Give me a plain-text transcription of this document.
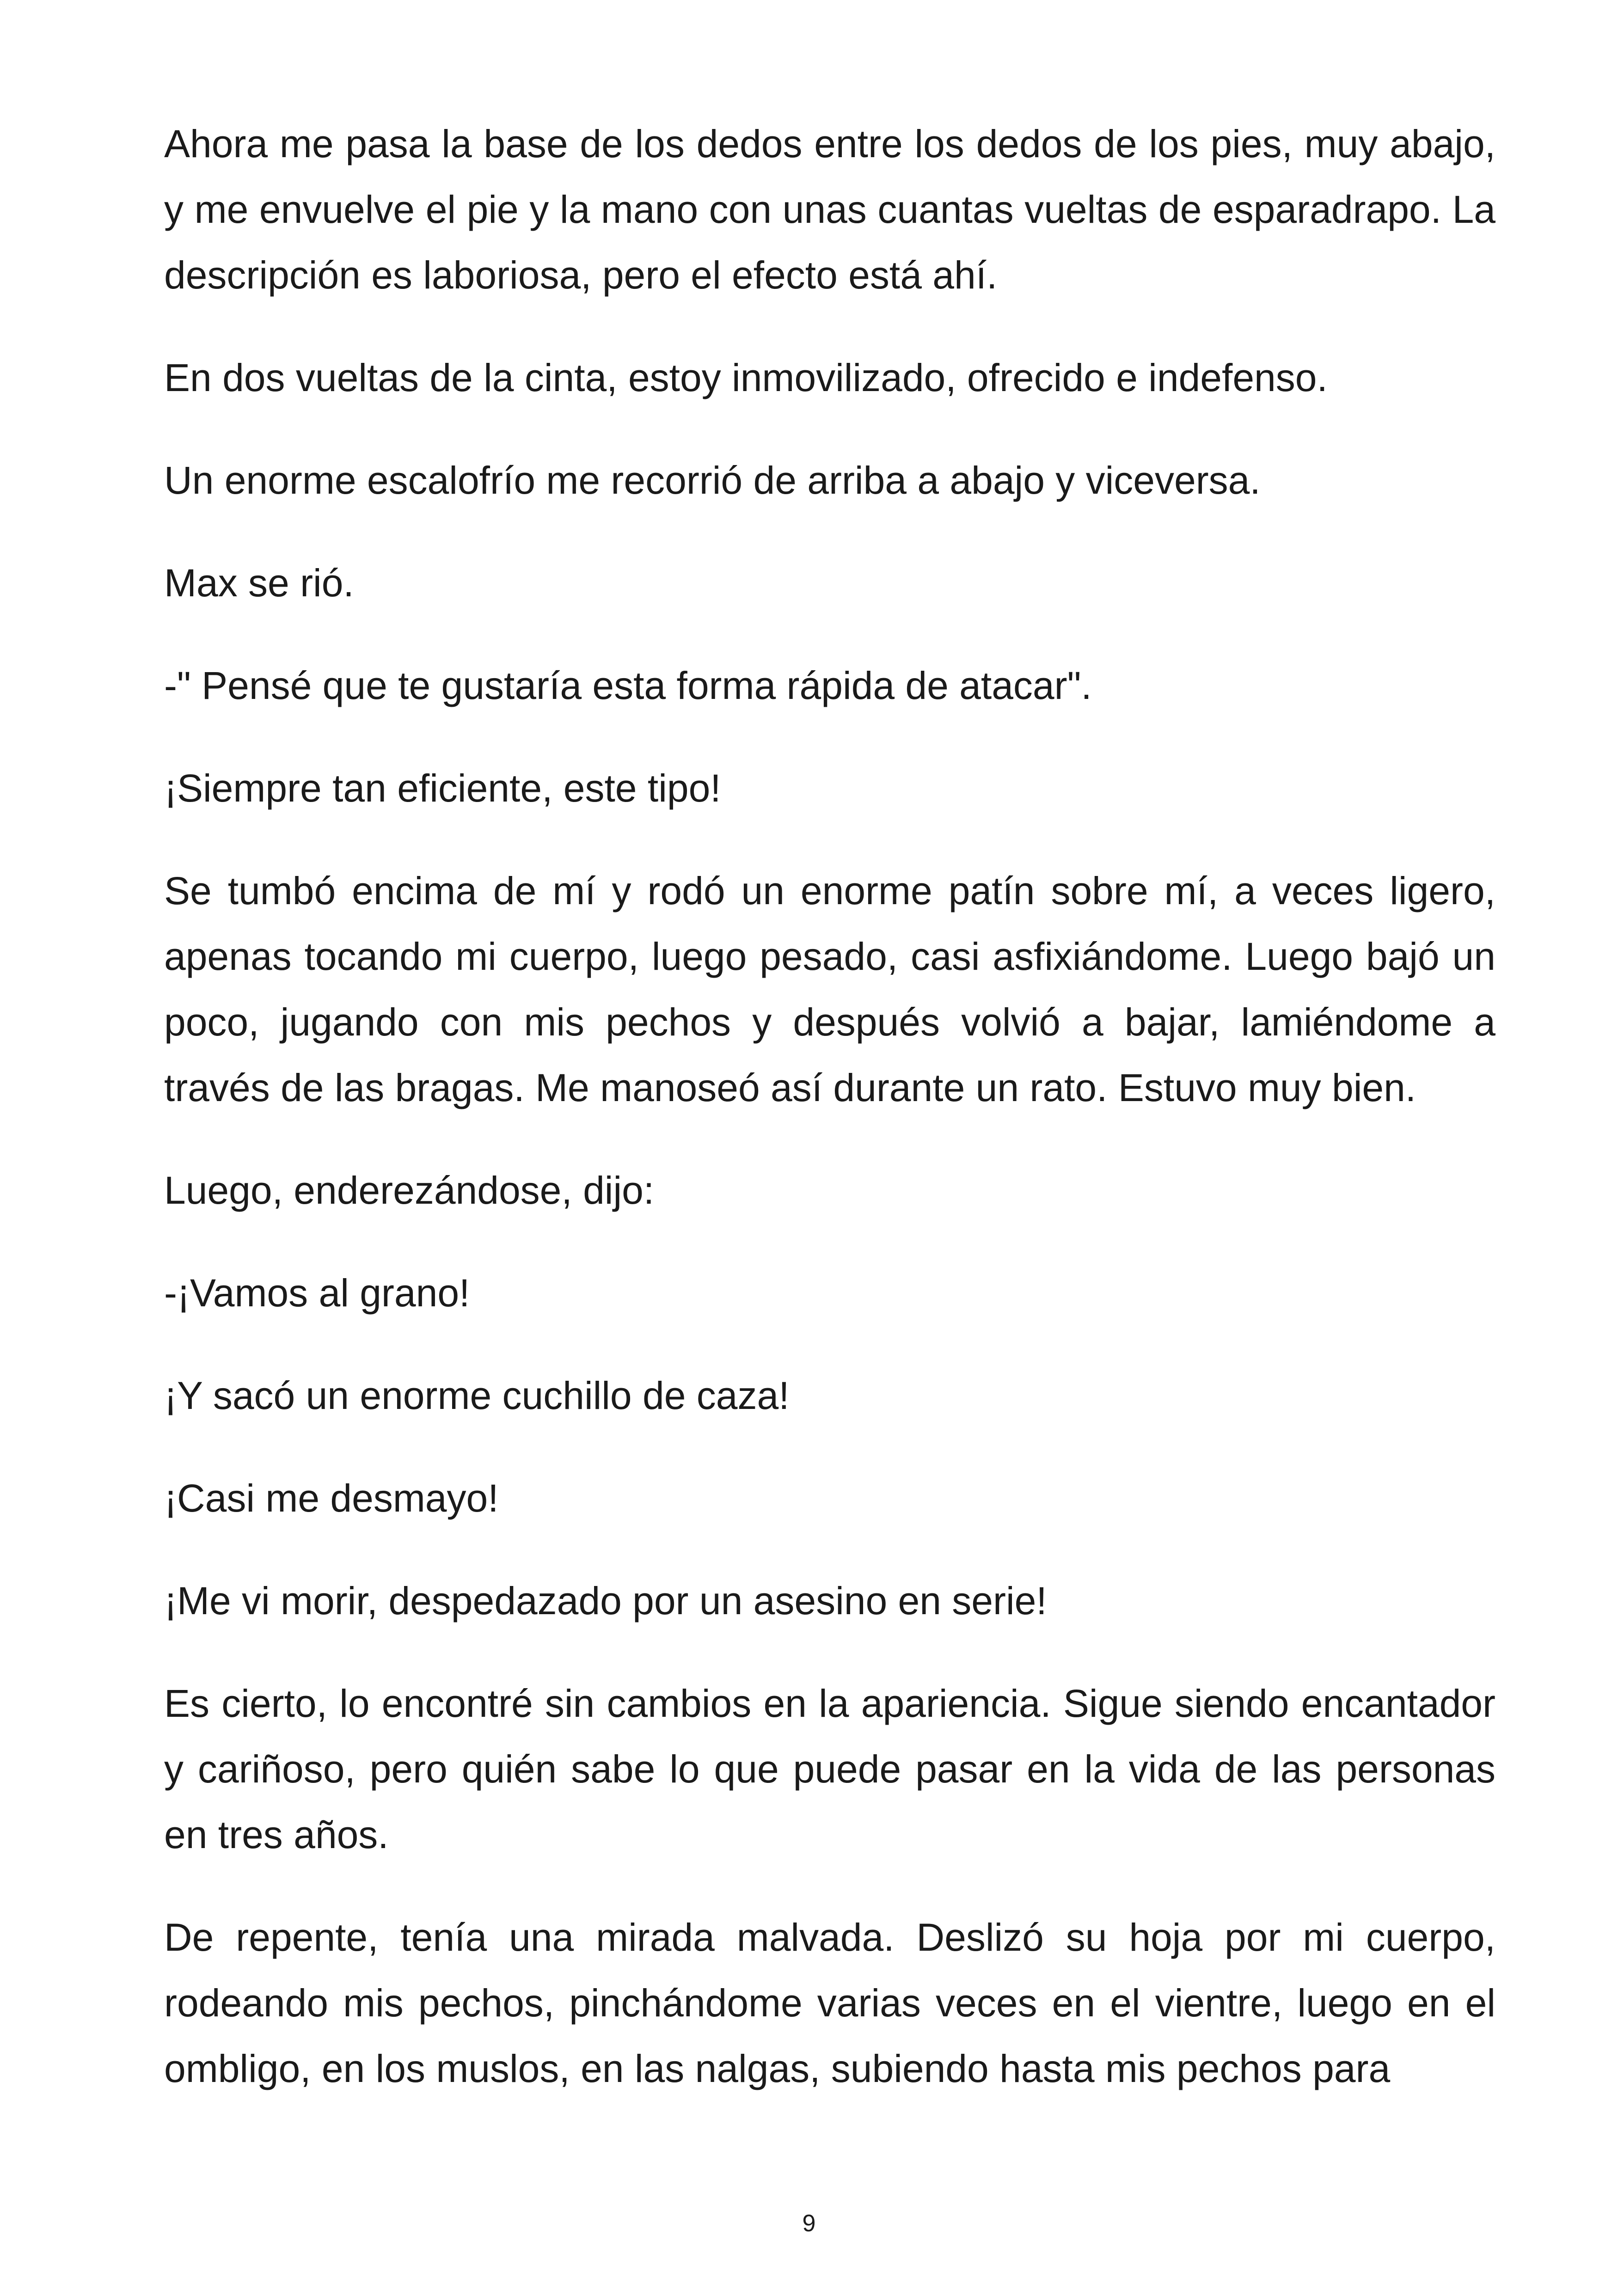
Ahora me pasa la base de los dedos entre los dedos de los pies, muy abajo, y me envuelve el pie y la mano con unas cuantas vueltas de esparadrapo. La descripción es laboriosa, pero el efecto está ahí.

En dos vueltas de la cinta, estoy inmovilizado, ofrecido e indefenso.

Un enorme escalofrío me recorrió de arriba a abajo y viceversa.

Max se rió.

-" Pensé que te gustaría esta forma rápida de atacar".

¡Siempre tan eficiente, este tipo!

Se tumbó encima de mí y rodó un enorme patín sobre mí, a veces ligero, apenas tocando mi cuerpo, luego pesado, casi asfixiándome. Luego bajó un poco, jugando con mis pechos y después volvió a bajar, lamiéndome a través de las bragas. Me manoseó así durante un rato. Estuvo muy bien.

Luego, enderezándose, dijo:

-¡Vamos al grano!

¡Y sacó un enorme cuchillo de caza!

¡Casi me desmayo!

¡Me vi morir, despedazado por un asesino en serie!

Es cierto, lo encontré sin cambios en la apariencia. Sigue siendo encantador y cariñoso, pero quién sabe lo que puede pasar en la vida de las personas en tres años.

De repente, tenía una mirada malvada. Deslizó su hoja por mi cuerpo, rodeando mis pechos, pinchándome varias veces en el vientre, luego en el ombligo, en los muslos, en las nalgas, subiendo hasta mis pechos para

9
